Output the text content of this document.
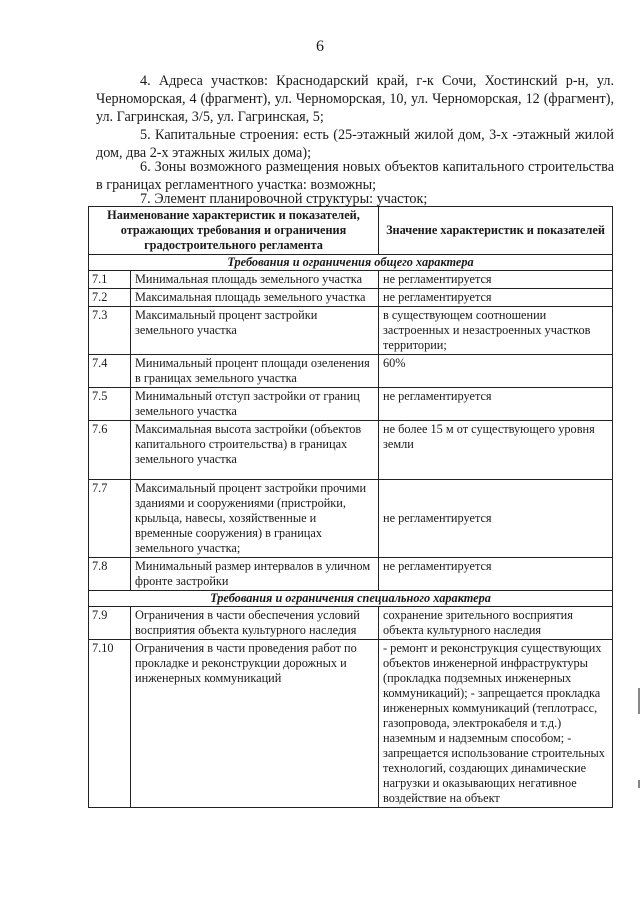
6
4. Адреса участков: Краснодарский край, г-к Сочи, Хостинский р-н, ул. Черноморская, 4 (фрагмент), ул. Черноморская, 10, ул. Черноморская, 12 (фрагмент), ул. Гагринская, 3/5, ул. Гагринская, 5;
5. Капитальные строения: есть (25-этажный жилой дом, 3-х -этажный жилой дом, два 2-х этажных жилых дома);
6. Зоны возможного размещения новых объектов капитального строительства в границах регламентного участка: возможны;
7. Элемент планировочной структуры: участок;
Наименование характеристик и показателей, отражающих требования и ограничения градостроительного регламента		Значение характеристик и показателей
Требования и ограничения общего характера		
7.1	Минимальная площадь земельного участка	не регламентируется
7.2	Максимальная площадь земельного участка	не регламентируется
7.3	Максимальный процент застройки земельного участка	в существующем соотношении застроенных и незастроенных участков территории;
7.4	Минимальный процент площади озеленения в границах земельного участка	60%
7.5	Минимальный отступ застройки от границ земельного участка	не регламентируется
7.6	Максимальная высота застройки (объектов капитального строительства) в границах земельного участка	не более 15 м от существующего уровня земли
7.7	Максимальный процент застройки прочими зданиями и сооружениями (пристройки, крыльца, навесы, хозяйственные и временные сооружения) в границах земельного участка;	не регламентируется
7.8	Минимальный размер интервалов в уличном фронте застройки	не регламентируется
Требования и ограничения специального характера		
7.9	Ограничения в части обеспечения условий восприятия объекта культурного наследия	сохранение зрительного восприятия объекта культурного наследия
7.10	Ограничения в части проведения работ по прокладке и реконструкции дорожных и инженерных коммуникаций	- ремонт и реконструкция существующих объектов инженерной инфраструктуры (прокладка подземных инженерных коммуникаций); - запрещается прокладка инженерных коммуникаций (теплотрасс, газопровода, электрокабеля и т.д.) наземным и надземным способом; - запрещается использование строительных технологий, создающих динамические нагрузки и оказывающих негативное воздействие на объект
